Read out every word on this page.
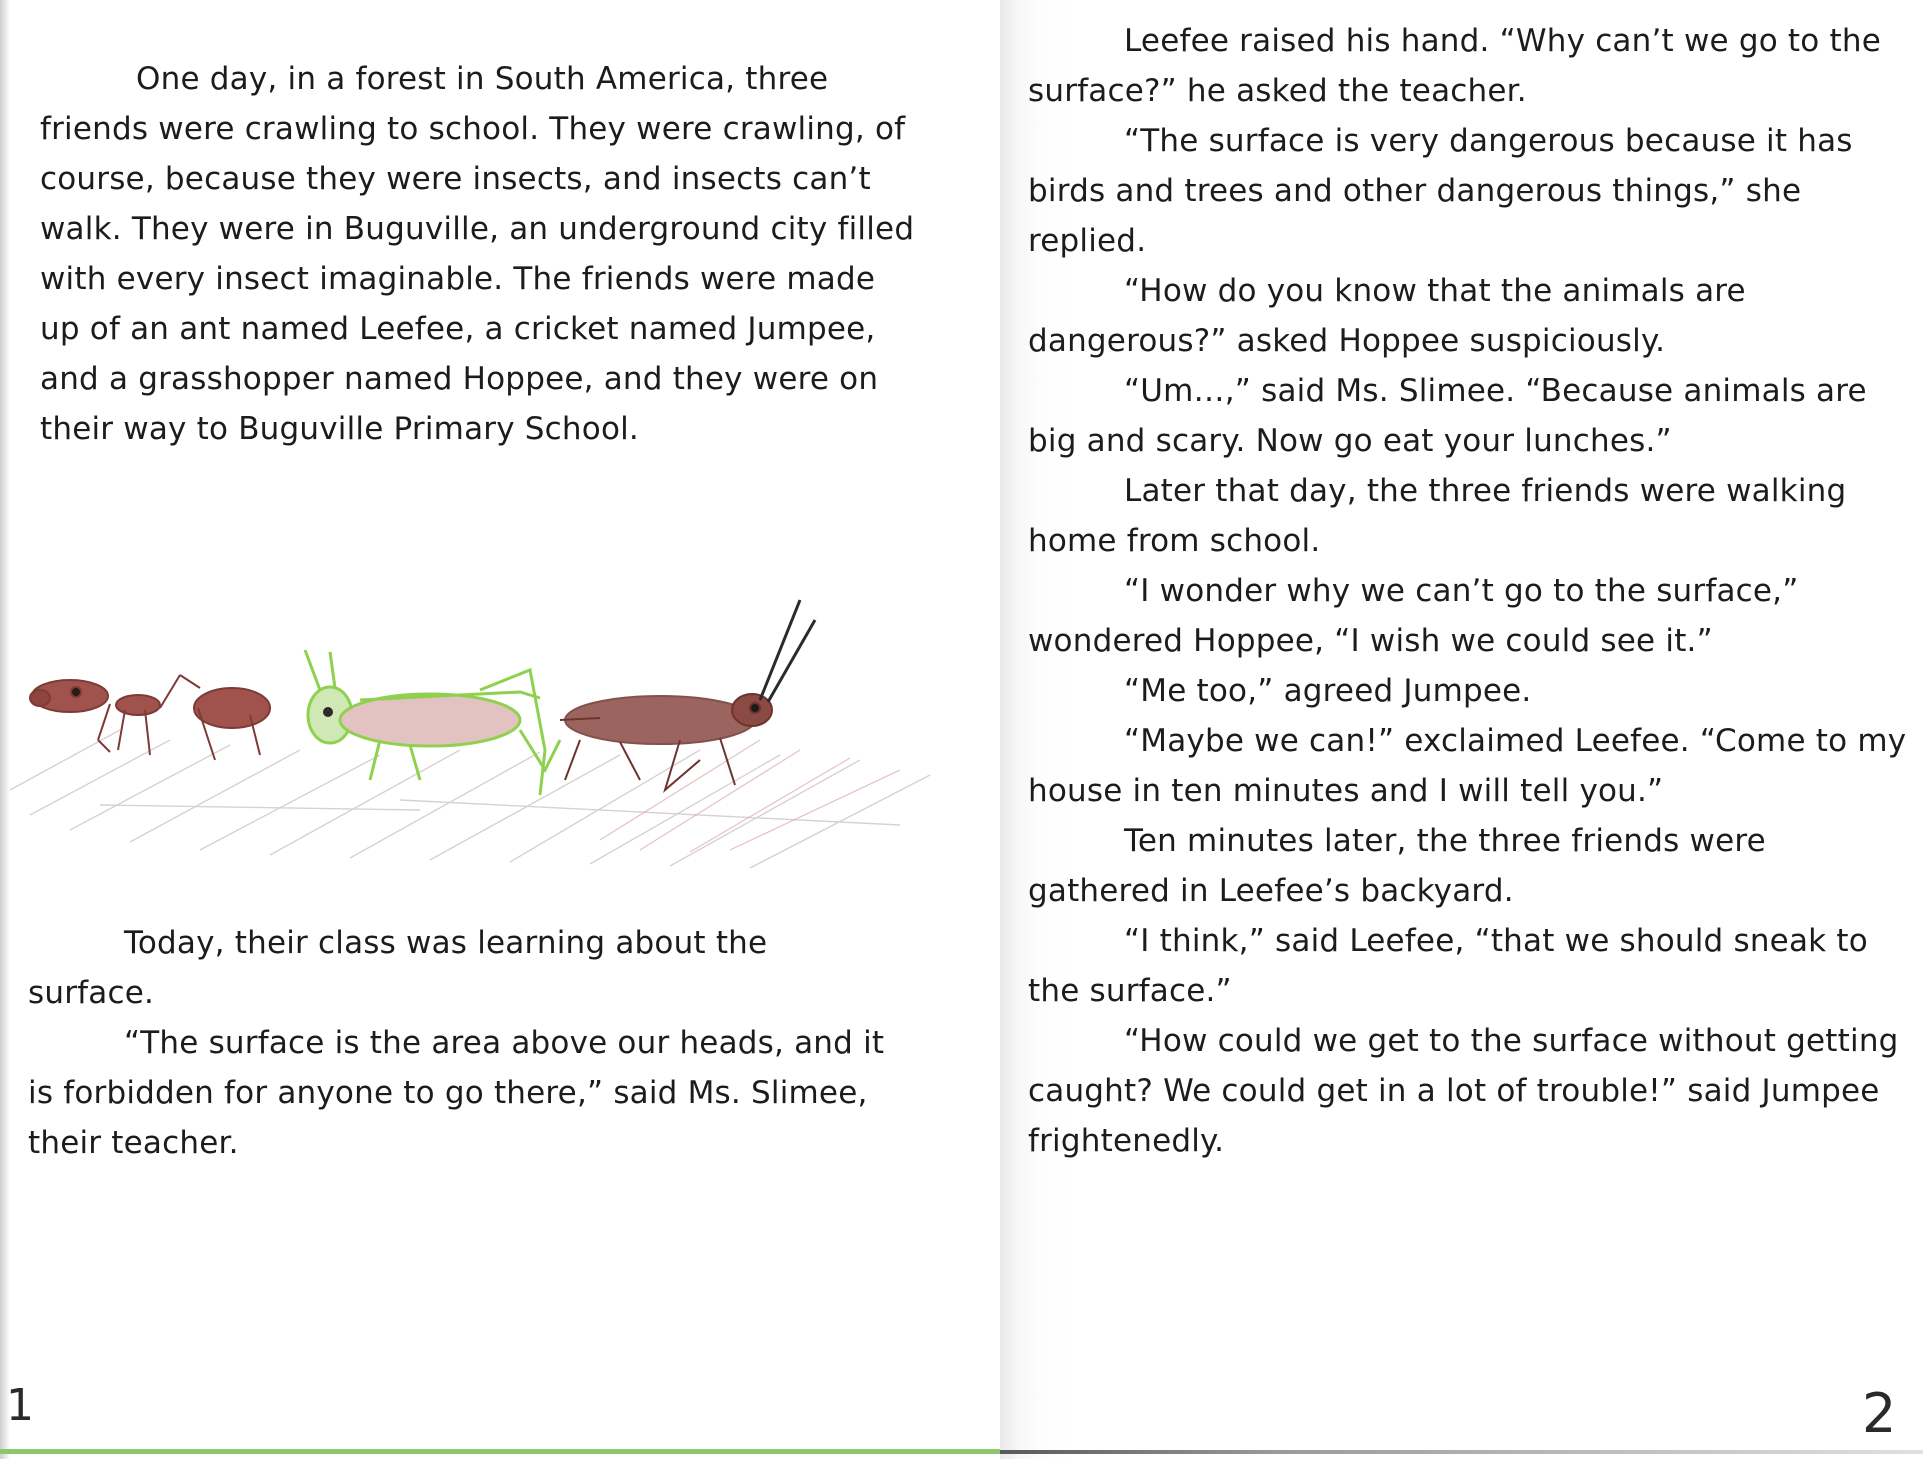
One day, in a forest in South America, three friends were crawling to school. They were crawling, of course, because they were insects, and insects can’t walk. They were in Buguville, an underground city filled with every insect imaginable. The friends were made up of an ant named Leefee, a cricket named Jumpee, and a grasshopper named Hoppee, and they were on their way to Buguville Primary School.

Today, their class was learning about the surface.

“The surface is the area above our heads, and it is forbidden for anyone to go there,” said Ms. Slimee, their teacher.

1

Leefee raised his hand. “Why can’t we go to the surface?” he asked the teacher.

“The surface is very dangerous because it has birds and trees and other dangerous things,” she replied.

“How do you know that the animals are dangerous?” asked Hoppee suspiciously.

“Um…,” said Ms. Slimee. “Because animals are big and scary. Now go eat your lunches.”

Later that day, the three friends were walking home from school.

“I wonder why we can’t go to the surface,” wondered Hoppee, “I wish we could see it.”

“Me too,” agreed Jumpee.

“Maybe we can!” exclaimed Leefee. “Come to my house in ten minutes and I will tell you.”

Ten minutes later, the three friends were gathered in Leefee’s backyard.

“I think,” said Leefee, “that we should sneak to the surface.”

“How could we get to the surface without getting caught? We could get in a lot of trouble!” said Jumpee frightenedly.

2
